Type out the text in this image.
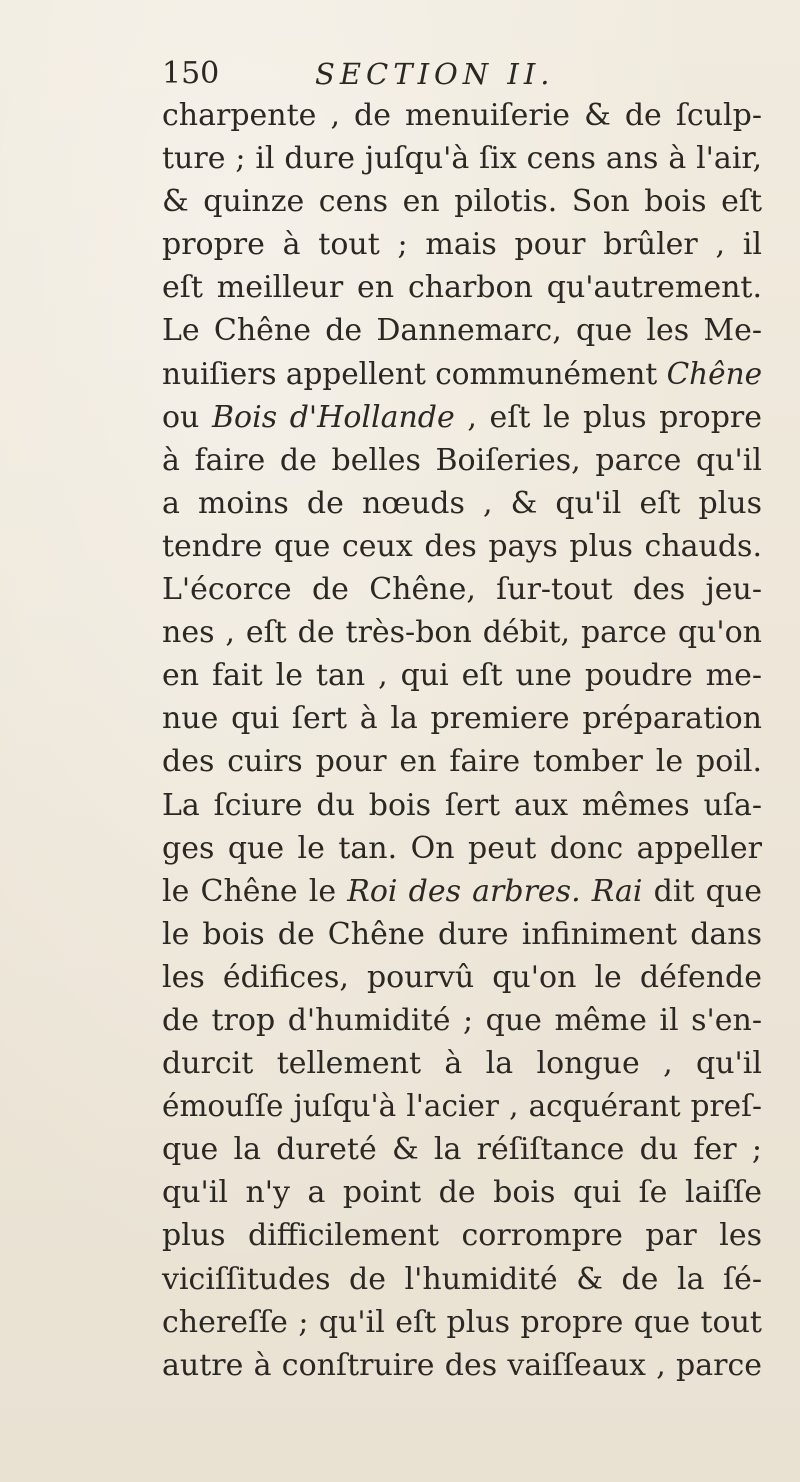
150	SECTION II.
charpente , de menuiſerie & de ſculp-
ture ; il dure juſqu'à ſix cens ans à l'air,
& quinze cens en pilotis. Son bois eſt
propre à tout ; mais pour brûler , il
eſt meilleur en charbon qu'autrement.
Le Chêne de Dannemarc, que les Me-
nuiſiers appellent communément Chêne
ou Bois d'Hollande , eſt le plus propre
à faire de belles Boiſeries, parce qu'il
a moins de nœuds , & qu'il eſt plus
tendre que ceux des pays plus chauds.
L'écorce de Chêne, ſur-tout des jeu-
nes , eſt de très-bon débit, parce qu'on
en fait le tan , qui eſt une poudre me-
nue qui ſert à la premiere préparation
des cuirs pour en faire tomber le poil.
La ſciure du bois ſert aux mêmes uſa-
ges que le tan. On peut donc appeller
le Chêne le Roi des arbres. Rai dit que
le bois de Chêne dure infiniment dans
les édifices, pourvû qu'on le défende
de trop d'humidité ; que même il s'en-
durcit tellement à la longue , qu'il
émouſſe juſqu'à l'acier , acquérant preſ-
que la dureté & la réſiſtance du fer ;
qu'il n'y a point de bois qui ſe laiſſe
plus difficilement corrompre par les
viciſſitudes de l'humidité & de la ſé-
chereſſe ; qu'il eſt plus propre que tout
autre à conſtruire des vaiſſeaux , parce
